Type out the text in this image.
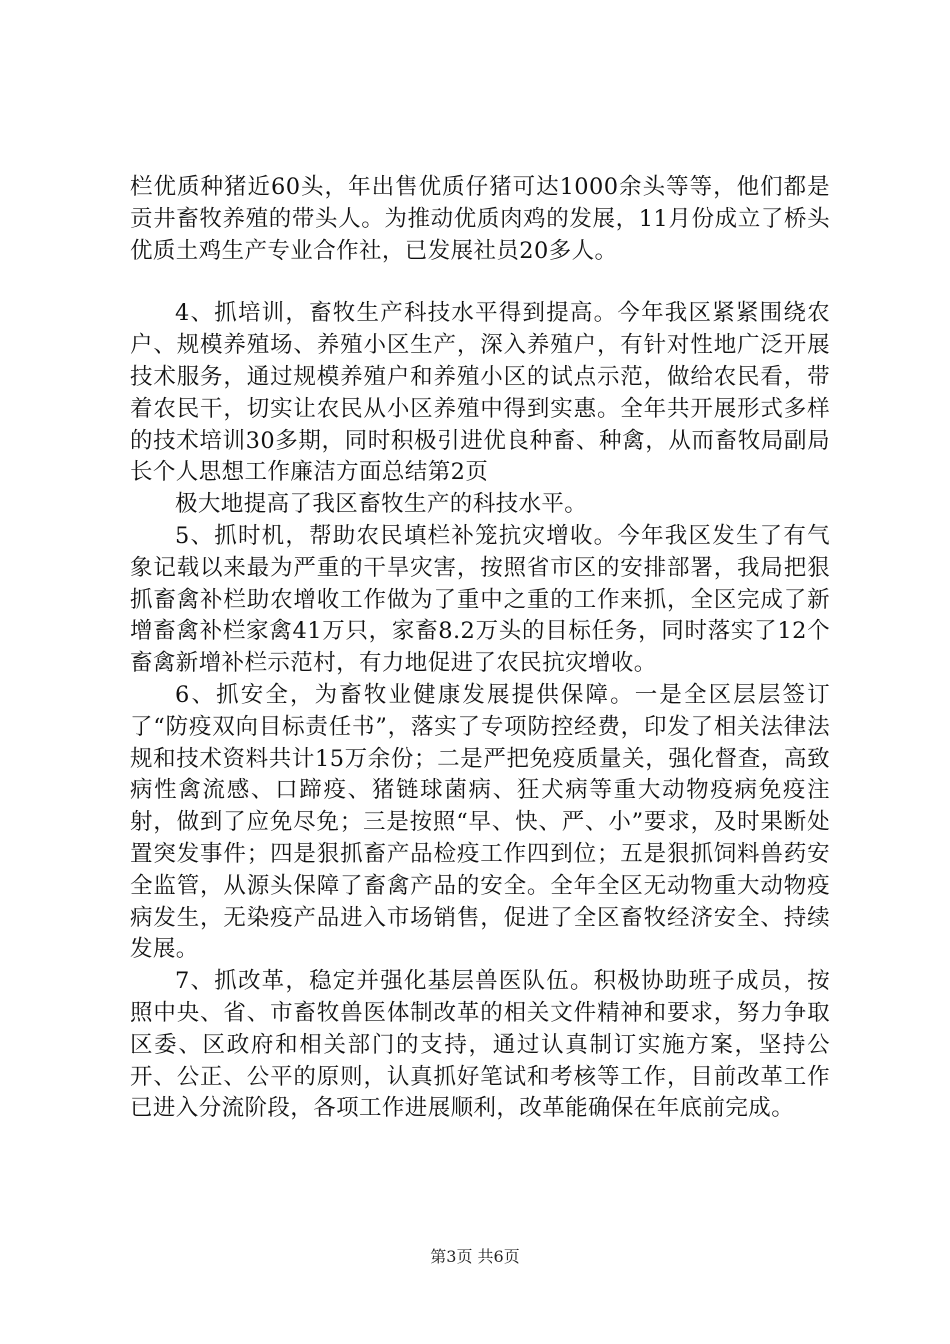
栏优质种猪近60头，年出售优质仔猪可达1000余头等等，他们都是贡井畜牧养殖的带头人。为推动优质肉鸡的发展，11月份成立了桥头优质土鸡生产专业合作社，已发展社员20多人。

4、抓培训，畜牧生产科技水平得到提高。今年我区紧紧围绕农户、规模养殖场、养殖小区生产，深入养殖户，有针对性地广泛开展技术服务，通过规模养殖户和养殖小区的试点示范，做给农民看，带着农民干，切实让农民从小区养殖中得到实惠。全年共开展形式多样的技术培训30多期，同时积极引进优良种畜、种禽，从而畜牧局副局长个人思想工作廉洁方面总结第2页

极大地提高了我区畜牧生产的科技水平。

5、抓时机，帮助农民填栏补笼抗灾增收。今年我区发生了有气象记载以来最为严重的干旱灾害，按照省市区的安排部署，我局把狠抓畜禽补栏助农增收工作做为了重中之重的工作来抓，全区完成了新增畜禽补栏家禽41万只，家畜8.2万头的目标任务，同时落实了12个畜禽新增补栏示范村，有力地促进了农民抗灾增收。

6、抓安全，为畜牧业健康发展提供保障。一是全区层层签订了“防疫双向目标责任书”，落实了专项防控经费，印发了相关法律法规和技术资料共计15万余份；二是严把免疫质量关，强化督查，高致病性禽流感、口蹄疫、猪链球菌病、狂犬病等重大动物疫病免疫注射，做到了应免尽免；三是按照“早、快、严、小”要求，及时果断处置突发事件；四是狠抓畜产品检疫工作四到位；五是狠抓饲料兽药安全监管，从源头保障了畜禽产品的安全。全年全区无动物重大动物疫病发生，无染疫产品进入市场销售，促进了全区畜牧经济安全、持续发展。

7、抓改革，稳定并强化基层兽医队伍。积极协助班子成员，按照中央、省、市畜牧兽医体制改革的相关文件精神和要求，努力争取区委、区政府和相关部门的支持，通过认真制订实施方案，坚持公开、公正、公平的原则，认真抓好笔试和考核等工作，目前改革工作已进入分流阶段，各项工作进展顺利，改革能确保在年底前完成。

第3页 共6页
